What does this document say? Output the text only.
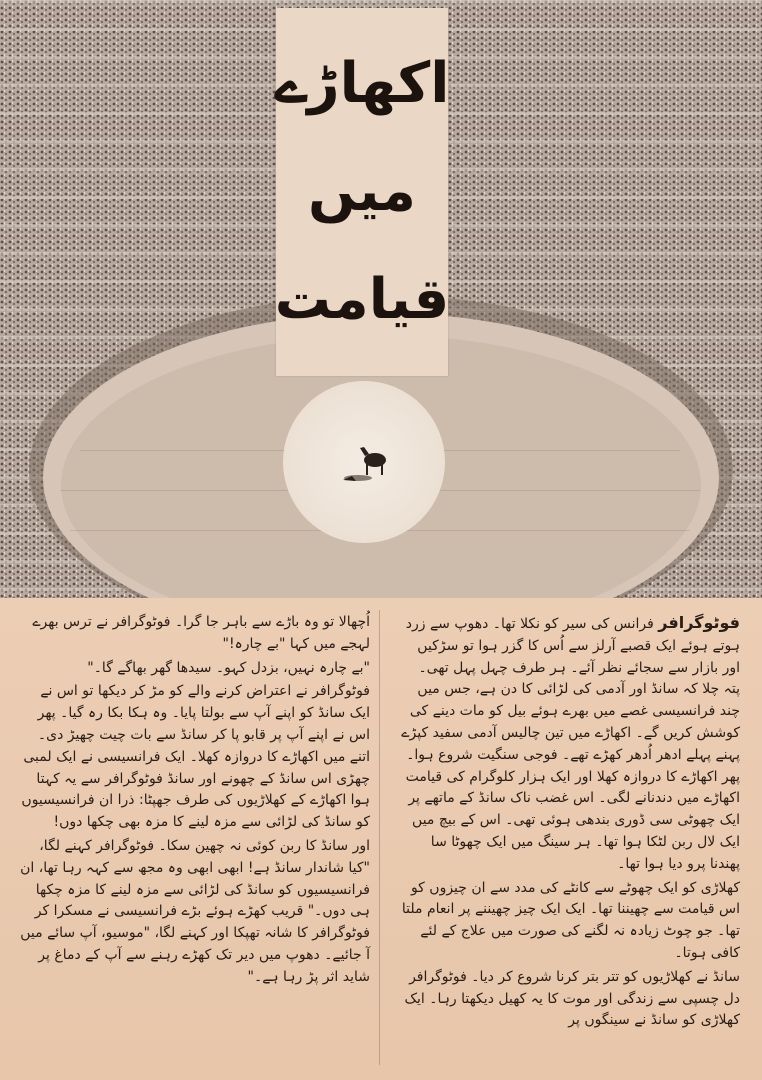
اکھاڑے
میں
قیامت

فوٹوگرافر فرانس کی سیر کو نکلا تھا۔ دھوپ سے زرد ہوتے ہوئے ایک قصبے آرلز سے اُس کا گزر ہوا تو سڑکیں اور بازار سے سجائے نظر آئے۔ ہر طرف چہل پہل تھی۔ پتہ چلا کہ سانڈ اور آدمی کی لڑائی کا دن ہے، جس میں چند فرانسیسی غصے میں بھرے ہوئے بیل کو مات دینے کی کوشش کریں گے۔ اکھاڑے میں تین چالیس آدمی سفید کپڑے پہنے پہلے ادھر اُدھر کھڑے تھے۔ فوجی سنگیت شروع ہوا۔ پھر اکھاڑے کا دروازہ کھلا اور ایک ہزار کلوگرام کی قیامت اکھاڑے میں دندنانے لگی۔ اس غضب ناک سانڈ کے ماتھے پر ایک چھوٹی سی ڈوری بندھی ہوئی تھی۔ اس کے بیچ میں ایک لال ربن لٹکا ہوا تھا۔ ہر سینگ میں ایک چھوٹا سا پھندنا پرو دیا ہوا تھا۔

کھلاڑی کو ایک چھوٹے سے کانٹے کی مدد سے ان چیزوں کو اس قیامت سے چھیننا تھا۔ ایک ایک چیز چھیننے پر انعام ملتا تھا۔ جو چوٹ زیادہ نہ لگنے کی صورت میں علاج کے لئے کافی ہوتا۔

سانڈ نے کھلاڑیوں کو تتر بتر کرنا شروع کر دیا۔ فوٹوگرافر دل چسپی سے زندگی اور موت کا یہ کھیل دیکھتا رہا۔ ایک کھلاڑی کو سانڈ نے سینگوں پر

اُچھالا تو وہ باڑے سے باہر جا گرا۔ فوٹوگرافر نے ترس بھرے لہجے میں کہا "بے چارہ!"

"بے چارہ نہیں، بزدل کہو۔ سیدھا گھر بھاگے گا۔"

فوٹوگرافر نے اعتراض کرنے والے کو مڑ کر دیکھا تو اس نے ایک سانڈ کو اپنے آپ سے بولتا پایا۔ وہ ہکا بکا رہ گیا۔ پھر اس نے اپنے آپ پر قابو پا کر سانڈ سے بات چیت چھیڑ دی۔ اتنے میں اکھاڑے کا دروازہ کھلا۔ ایک فرانسیسی نے ایک لمبی چھڑی اس سانڈ کے چھونے اور سانڈ فوٹوگرافر سے یہ کہتا ہوا اکھاڑے کے کھلاڑیوں کی طرف جھپٹا: ذرا ان فرانسیسیوں کو سانڈ کی لڑائی سے مزہ لینے کا مزہ بھی چکھا دوں!

اور سانڈ کا ربن کوئی نہ چھین سکا۔ فوٹوگرافر کہنے لگا، "کیا شاندار سانڈ ہے! ابھی ابھی وہ مجھ سے کہہ رہا تھا، ان فرانسیسیوں کو سانڈ کی لڑائی سے مزہ لینے کا مزہ چکھا ہی دوں۔" قریب کھڑے ہوئے بڑے فرانسیسی نے مسکرا کر فوٹوگرافر کا شانہ تھپکا اور کہنے لگا، "موسیو، آپ سائے میں آ جائیے۔ دھوپ میں دیر تک کھڑے رہنے سے آپ کے دماغ پر شاید اثر پڑ رہا ہے۔"
